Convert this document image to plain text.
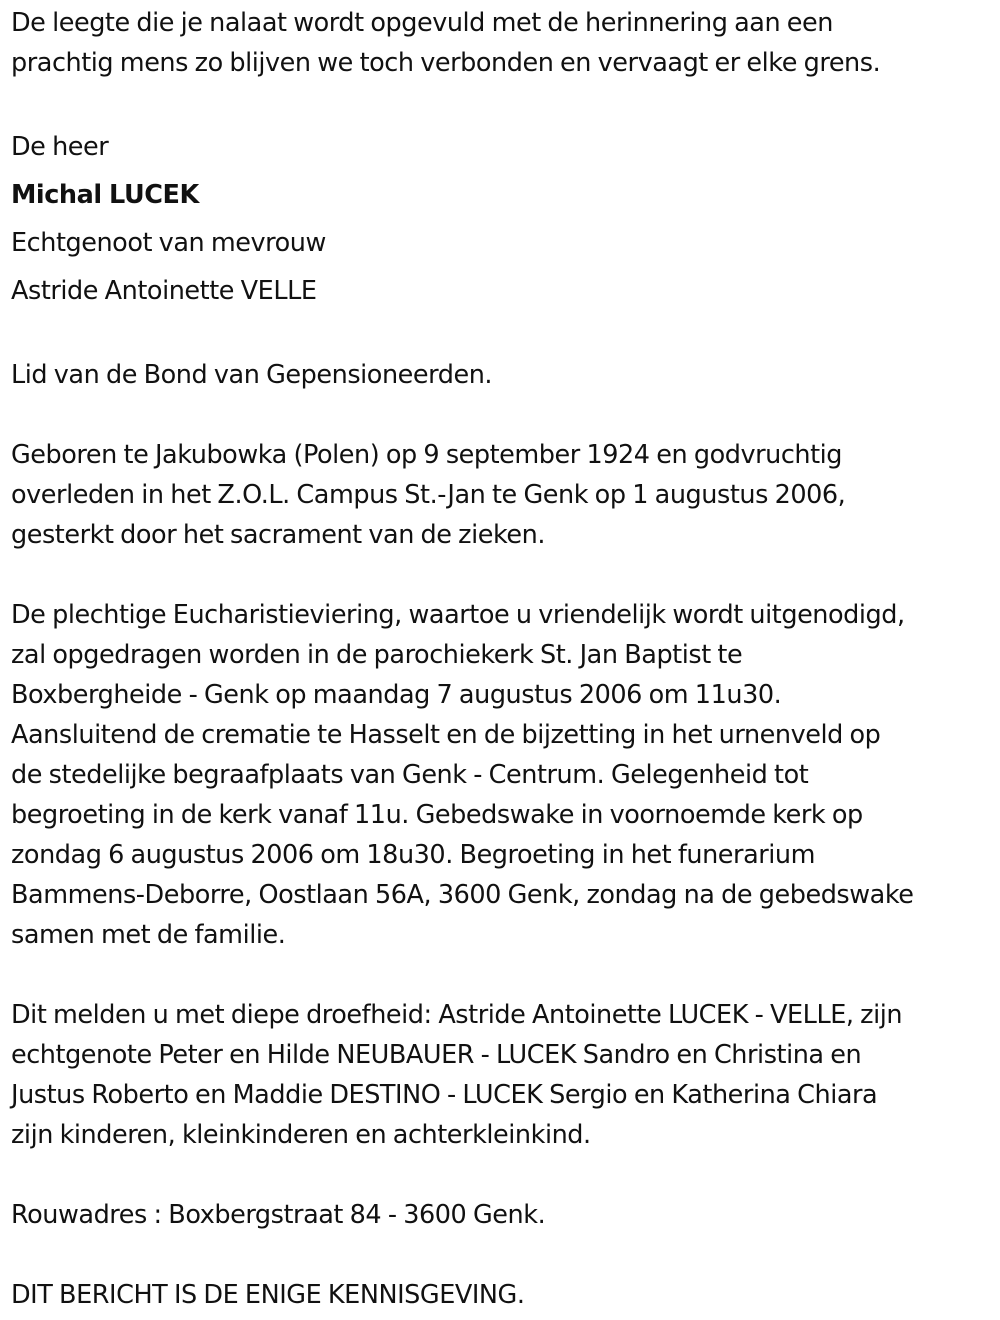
De leegte die je nalaat wordt opgevuld met de herinnering aan een
prachtig mens zo blijven we toch verbonden en vervaagt er elke grens.
De heer
Michal LUCEK
Echtgenoot van mevrouw
Astride Antoinette VELLE
Lid van de Bond van Gepensioneerden.
Geboren te Jakubowka (Polen) op 9 september 1924 en godvruchtig
overleden in het Z.O.L. Campus St.-Jan te Genk op 1 augustus 2006,
gesterkt door het sacrament van de zieken.
De plechtige Eucharistieviering, waartoe u vriendelijk wordt uitgenodigd,
zal opgedragen worden in de parochiekerk St. Jan Baptist te
Boxbergheide - Genk op maandag 7 augustus 2006 om 11u30.
Aansluitend de crematie te Hasselt en de bijzetting in het urnenveld op
de stedelijke begraafplaats van Genk - Centrum. Gelegenheid tot
begroeting in de kerk vanaf 11u. Gebedswake in voornoemde kerk op
zondag 6 augustus 2006 om 18u30. Begroeting in het funerarium
Bammens-Deborre, Oostlaan 56A, 3600 Genk, zondag na de gebedswake
samen met de familie.
Dit melden u met diepe droefheid: Astride Antoinette LUCEK - VELLE, zijn
echtgenote Peter en Hilde NEUBAUER - LUCEK Sandro en Christina en
Justus Roberto en Maddie DESTINO - LUCEK Sergio en Katherina Chiara
zijn kinderen, kleinkinderen en achterkleinkind.
Rouwadres : Boxbergstraat 84 - 3600 Genk.
DIT BERICHT IS DE ENIGE KENNISGEVING.
